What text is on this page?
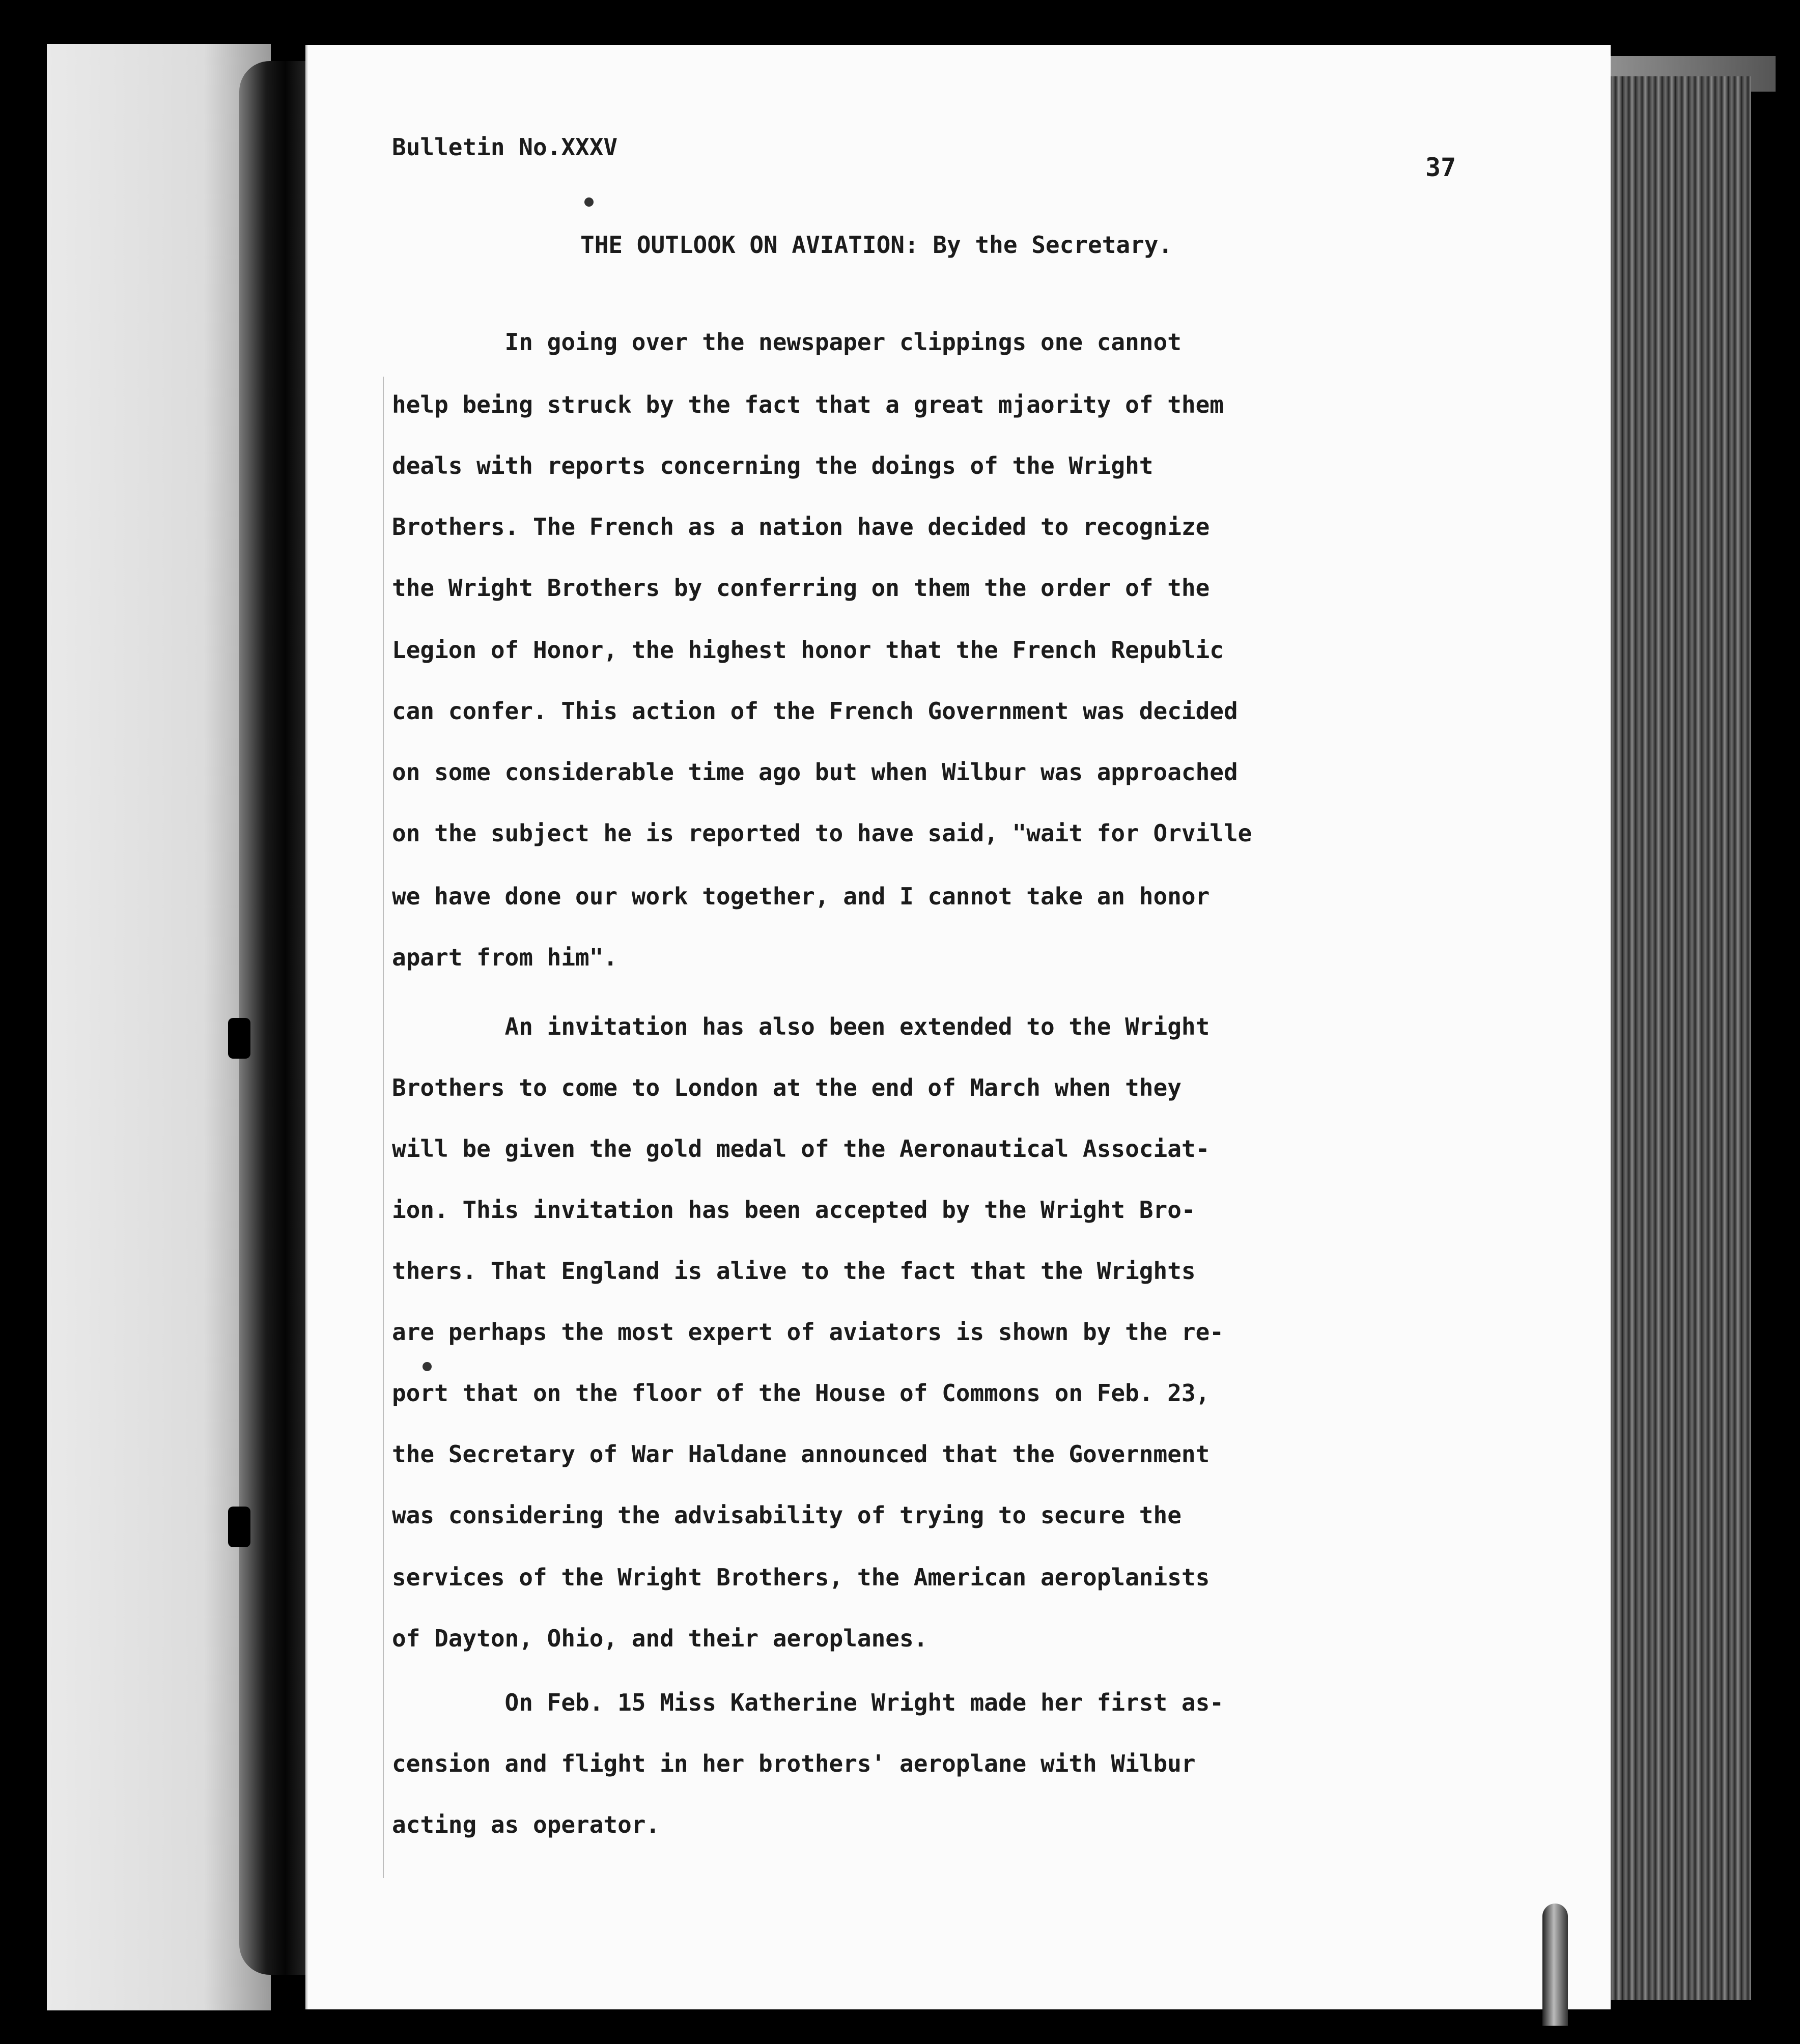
Bulletin No.XXXV

37

THE OUTLOOK ON AVIATION: By the Secretary.

In going over the newspaper clippings one cannot

help being struck by the fact that a great mjaority of them

deals with reports concerning the doings of the Wright

Brothers. The French as a nation have decided to recognize

the Wright Brothers by conferring on them the order of the

Legion of Honor, the highest honor that the French Republic

can confer. This action of the French Government was decided

on some considerable time ago but when Wilbur was approached

on the subject he is reported to have said, "wait for Orville

we have done our work together, and I cannot take an honor

apart from him".

An invitation has also been extended to the Wright

Brothers to come to London at the end of March when they

will be given the gold medal of the Aeronautical Associat-

ion. This invitation has been accepted by the Wright Bro-

thers. That England is alive to the fact that the Wrights

are perhaps the most expert of aviators is shown by the re-

port that on the floor of the House of Commons on Feb. 23,

the Secretary of War Haldane announced that the Government

was considering the advisability of trying to secure the

services of the Wright Brothers, the American aeroplanists

of Dayton, Ohio, and their aeroplanes.

On Feb. 15 Miss Katherine Wright made her first as-

cension and flight in her brothers' aeroplane with Wilbur

acting as operator.
